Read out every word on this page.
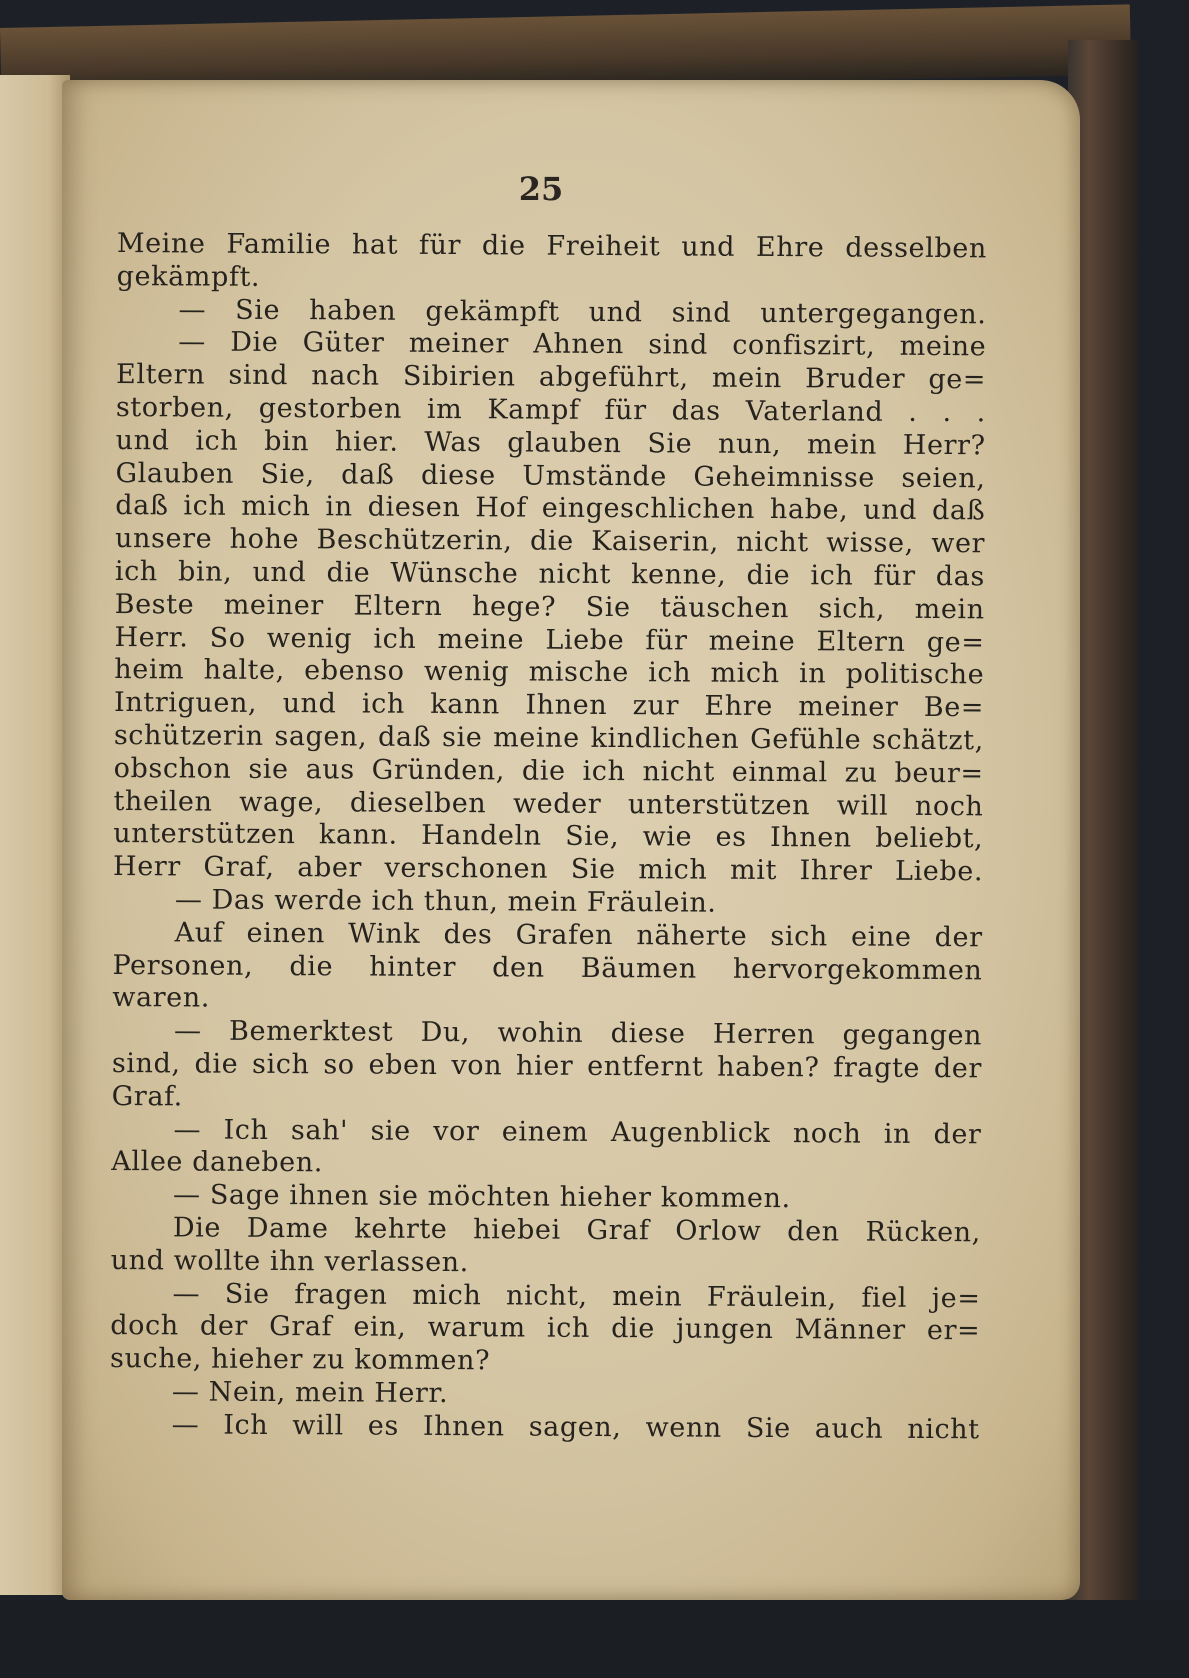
25
Meine Familie hat für die Freiheit und Ehre desselben
gekämpft.
— Sie haben gekämpft und sind untergegangen.
— Die Güter meiner Ahnen sind confiszirt, meine
Eltern sind nach Sibirien abgeführt, mein Bruder ge=
storben, gestorben im Kampf für das Vaterland . . .
und ich bin hier. Was glauben Sie nun, mein Herr?
Glauben Sie, daß diese Umstände Geheimnisse seien,
daß ich mich in diesen Hof eingeschlichen habe, und daß
unsere hohe Beschützerin, die Kaiserin, nicht wisse, wer
ich bin, und die Wünsche nicht kenne, die ich für das
Beste meiner Eltern hege? Sie täuschen sich, mein
Herr. So wenig ich meine Liebe für meine Eltern ge=
heim halte, ebenso wenig mische ich mich in politische
Intriguen, und ich kann Ihnen zur Ehre meiner Be=
schützerin sagen, daß sie meine kindlichen Gefühle schätzt,
obschon sie aus Gründen, die ich nicht einmal zu beur=
theilen wage, dieselben weder unterstützen will noch
unterstützen kann. Handeln Sie, wie es Ihnen beliebt,
Herr Graf, aber verschonen Sie mich mit Ihrer Liebe.
— Das werde ich thun, mein Fräulein.
Auf einen Wink des Grafen näherte sich eine der
Personen, die hinter den Bäumen hervorgekommen
waren.
— Bemerktest Du, wohin diese Herren gegangen
sind, die sich so eben von hier entfernt haben? fragte der
Graf.
— Ich sah' sie vor einem Augenblick noch in der
Allee daneben.
— Sage ihnen sie möchten hieher kommen.
Die Dame kehrte hiebei Graf Orlow den Rücken,
und wollte ihn verlassen.
— Sie fragen mich nicht, mein Fräulein, fiel je=
doch der Graf ein, warum ich die jungen Männer er=
suche, hieher zu kommen?
— Nein, mein Herr.
— Ich will es Ihnen sagen, wenn Sie auch nicht
